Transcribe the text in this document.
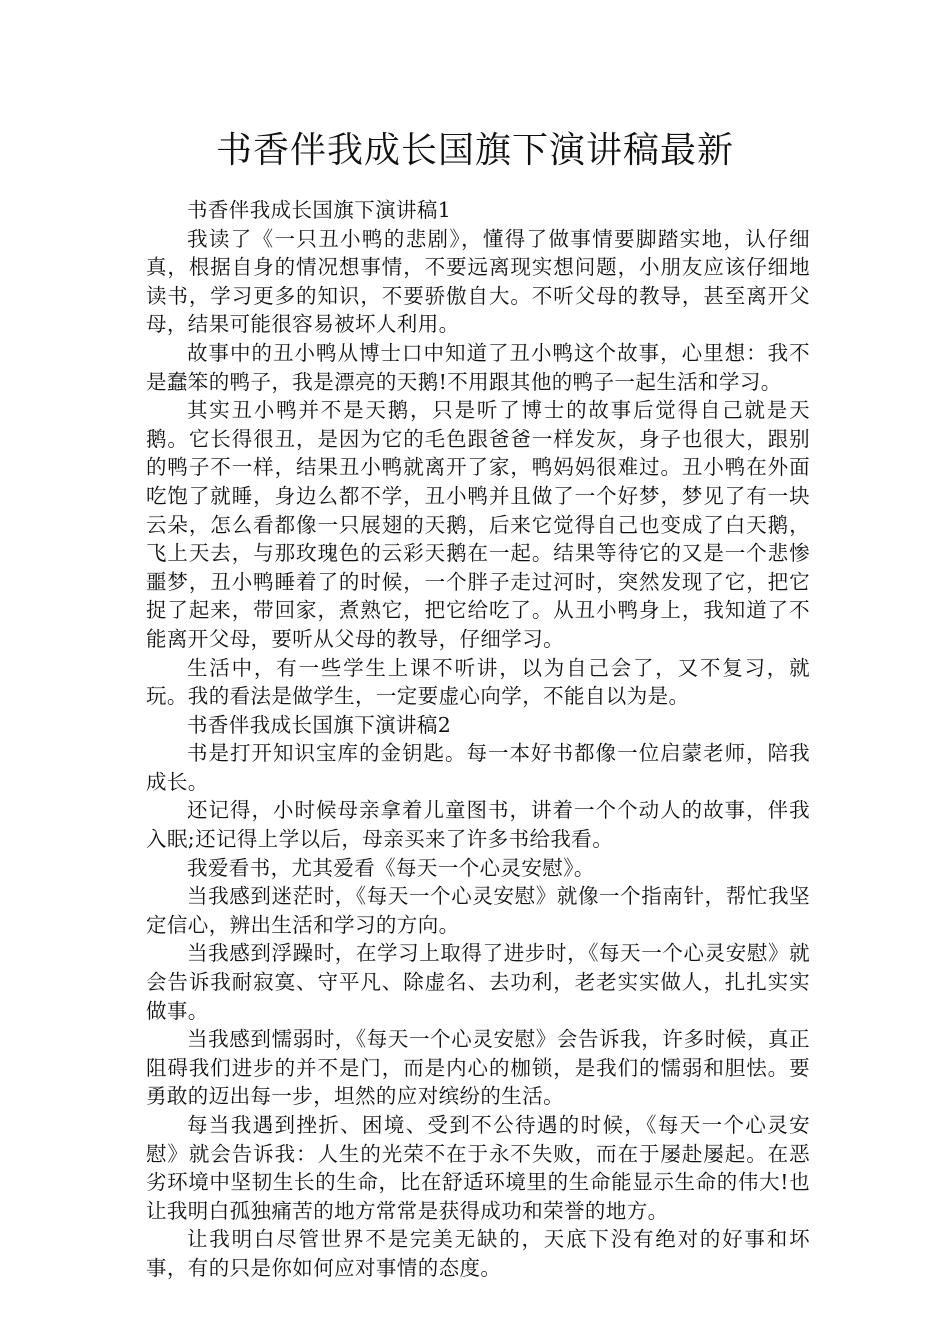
书香伴我成长国旗下演讲稿最新

书香伴我成长国旗下演讲稿1

我读了《一只丑小鸭的悲剧》，懂得了做事情要脚踏实地，认仔细真，根据自身的情况想事情，不要远离现实想问题，小朋友应该仔细地读书，学习更多的知识，不要骄傲自大。不听父母的教导，甚至离开父母，结果可能很容易被坏人利用。

故事中的丑小鸭从博士口中知道了丑小鸭这个故事，心里想：我不是蠢笨的鸭子，我是漂亮的天鹅!不用跟其他的鸭子一起生活和学习。

其实丑小鸭并不是天鹅，只是听了博士的故事后觉得自己就是天鹅。它长得很丑，是因为它的毛色跟爸爸一样发灰，身子也很大，跟别的鸭子不一样，结果丑小鸭就离开了家，鸭妈妈很难过。丑小鸭在外面吃饱了就睡，身边么都不学，丑小鸭并且做了一个好梦，梦见了有一块云朵，怎么看都像一只展翅的天鹅，后来它觉得自己也变成了白天鹅，飞上天去，与那玫瑰色的云彩天鹅在一起。结果等待它的又是一个悲惨噩梦，丑小鸭睡着了的时候，一个胖子走过河时，突然发现了它，把它捉了起来，带回家，煮熟它，把它给吃了。从丑小鸭身上，我知道了不能离开父母，要听从父母的教导，仔细学习。

生活中，有一些学生上课不听讲，以为自己会了，又不复习，就玩。我的看法是做学生，一定要虚心向学，不能自以为是。

书香伴我成长国旗下演讲稿2

书是打开知识宝库的金钥匙。每一本好书都像一位启蒙老师，陪我成长。

还记得，小时候母亲拿着儿童图书，讲着一个个动人的故事，伴我入眠;还记得上学以后，母亲买来了许多书给我看。

我爱看书，尤其爱看《每天一个心灵安慰》。

当我感到迷茫时，《每天一个心灵安慰》就像一个指南针，帮忙我坚定信心，辨出生活和学习的方向。

当我感到浮躁时，在学习上取得了进步时，《每天一个心灵安慰》就会告诉我耐寂寞、守平凡、除虚名、去功利，老老实实做人，扎扎实实做事。

当我感到懦弱时，《每天一个心灵安慰》会告诉我，许多时候，真正阻碍我们进步的并不是门，而是内心的枷锁，是我们的懦弱和胆怯。要勇敢的迈出每一步，坦然的应对缤纷的生活。

每当我遇到挫折、困境、受到不公待遇的时候，《每天一个心灵安慰》就会告诉我：人生的光荣不在于永不失败，而在于屡赴屡起。在恶劣环境中坚韧生长的生命，比在舒适环境里的生命能显示生命的伟大!也让我明白孤独痛苦的地方常常是获得成功和荣誉的地方。

让我明白尽管世界不是完美无缺的，天底下没有绝对的好事和坏事，有的只是你如何应对事情的态度。
